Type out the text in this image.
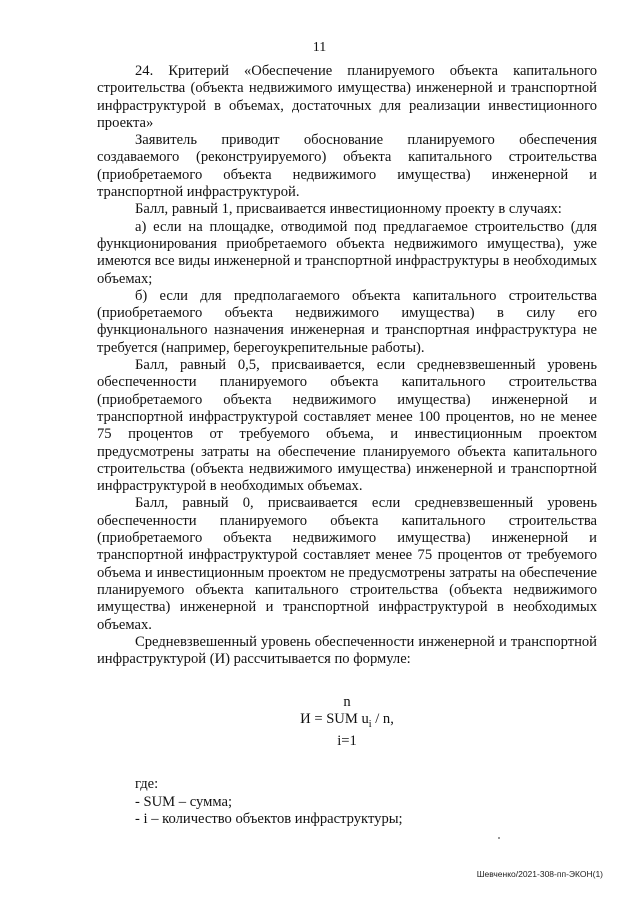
11

24. Критерий «Обеспечение планируемого объекта капитального строительства (объекта недвижимого имущества) инженерной и транспортной инфраструктурой в объемах, достаточных для реализации инвестиционного проекта»

Заявитель приводит обоснование планируемого обеспечения создаваемого (реконструируемого) объекта капитального строительства (приобретаемого объекта недвижимого имущества) инженерной и транспортной инфраструктурой.

Балл, равный 1, присваивается инвестиционному проекту в случаях:

а) если на площадке, отводимой под предлагаемое строительство (для функционирования приобретаемого объекта недвижимого имущества), уже имеются все виды инженерной и транспортной инфраструктуры в необходимых объемах;

б) если для предполагаемого объекта капитального строительства (приобретаемого объекта недвижимого имущества) в силу его функционального назначения инженерная и транспортная инфраструктура не требуется (например, берегоукрепительные работы).

Балл, равный 0,5, присваивается, если средневзвешенный уровень обеспеченности планируемого объекта капитального строительства (приобретаемого объекта недвижимого имущества) инженерной и транспортной инфраструктурой составляет менее 100 процентов, но не менее 75 процентов от требуемого объема, и инвестиционным проектом предусмотрены затраты на обеспечение планируемого объекта капитального строительства (объекта недвижимого имущества) инженерной и транспортной инфраструктурой в необходимых объемах.

Балл, равный 0, присваивается если средневзвешенный уровень обеспеченности планируемого объекта капитального строительства (приобретаемого объекта недвижимого имущества) инженерной и транспортной инфраструктурой составляет менее 75 процентов от требуемого объема и инвестиционным проектом не предусмотрены затраты на обеспечение планируемого объекта капитального строительства (объекта недвижимого имущества) инженерной и транспортной инфраструктурой в необходимых объемах.

Средневзвешенный уровень обеспеченности инженерной и транспортной инфраструктурой (И) рассчитывается по формуле:

n
И = SUM $u_i$ / n,
i=1

где:

- SUM – сумма;

- i – количество объектов инфраструктуры;

Шевченко/2021-308-пп-ЭКОН(1)
